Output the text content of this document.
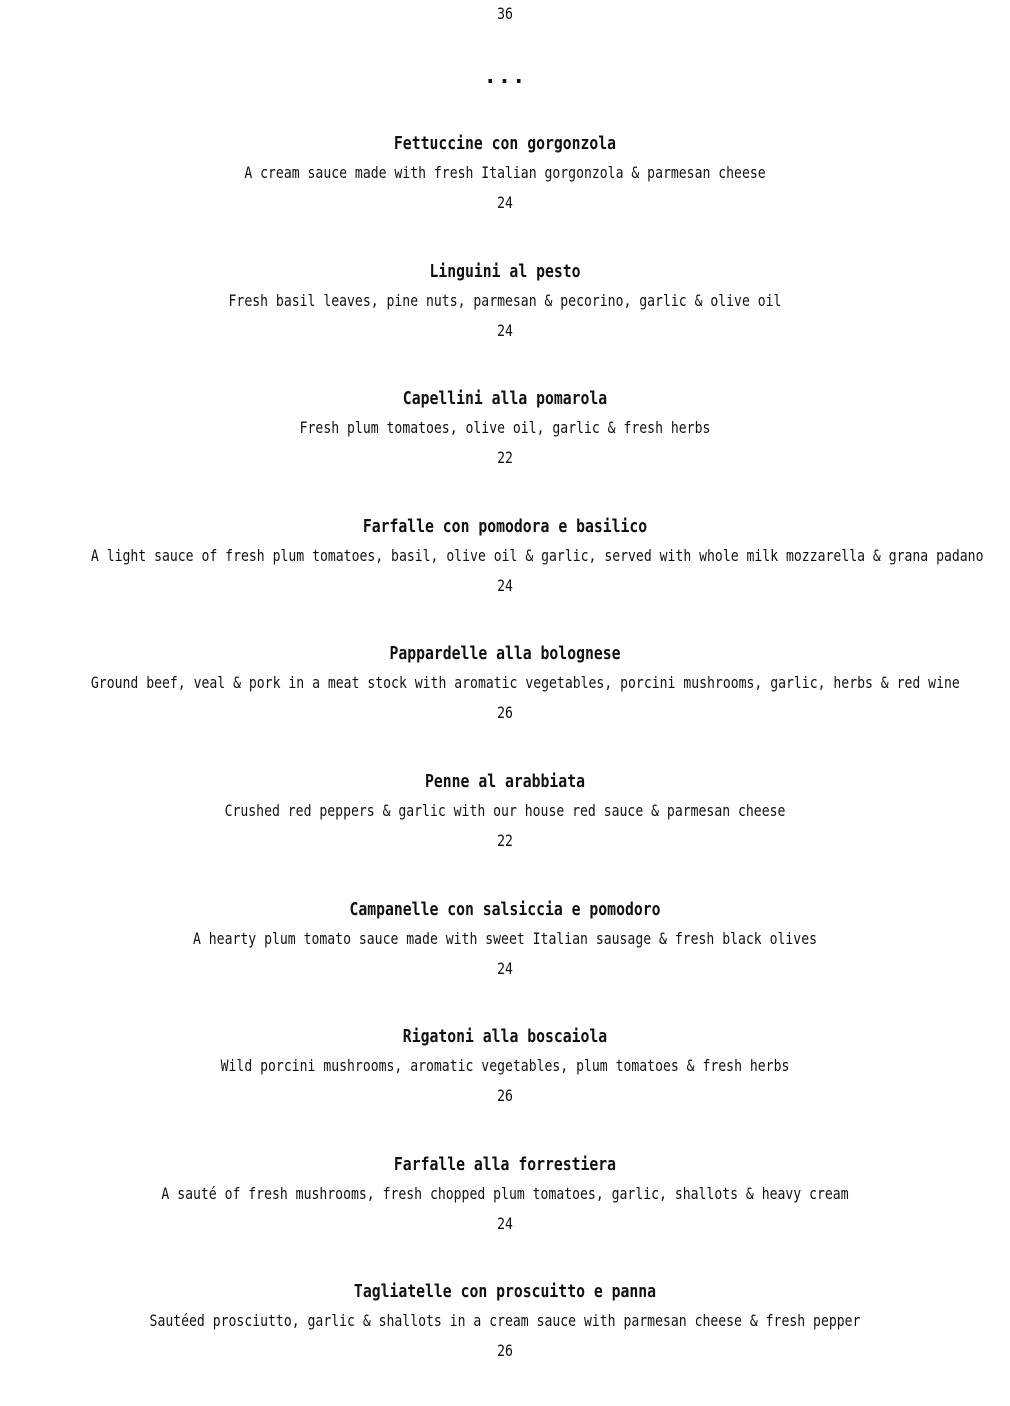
36
...
Fettuccine con gorgonzola
A cream sauce made with fresh Italian gorgonzola & parmesan cheese
24
Linguini al pesto
Fresh basil leaves, pine nuts, parmesan & pecorino, garlic & olive oil
24
Capellini alla pomarola
Fresh plum tomatoes, olive oil, garlic & fresh herbs
22
Farfalle con pomodora e basilico
A light sauce of fresh plum tomatoes, basil, olive oil & garlic, served with whole milk mozzarella & grana padano
24
Pappardelle alla bolognese
Ground beef, veal & pork in a meat stock with aromatic vegetables, porcini mushrooms, garlic, herbs & red wine
26
Penne al arabbiata
Crushed red peppers & garlic with our house red sauce & parmesan cheese
22
Campanelle con salsiccia e pomodoro
A hearty plum tomato sauce made with sweet Italian sausage & fresh black olives
24
Rigatoni alla boscaiola
Wild porcini mushrooms, aromatic vegetables, plum tomatoes & fresh herbs
26
Farfalle alla forrestiera
A sauté of fresh mushrooms, fresh chopped plum tomatoes, garlic, shallots & heavy cream
24
Tagliatelle con proscuitto e panna
Sautéed prosciutto, garlic & shallots in a cream sauce with parmesan cheese & fresh pepper
26
